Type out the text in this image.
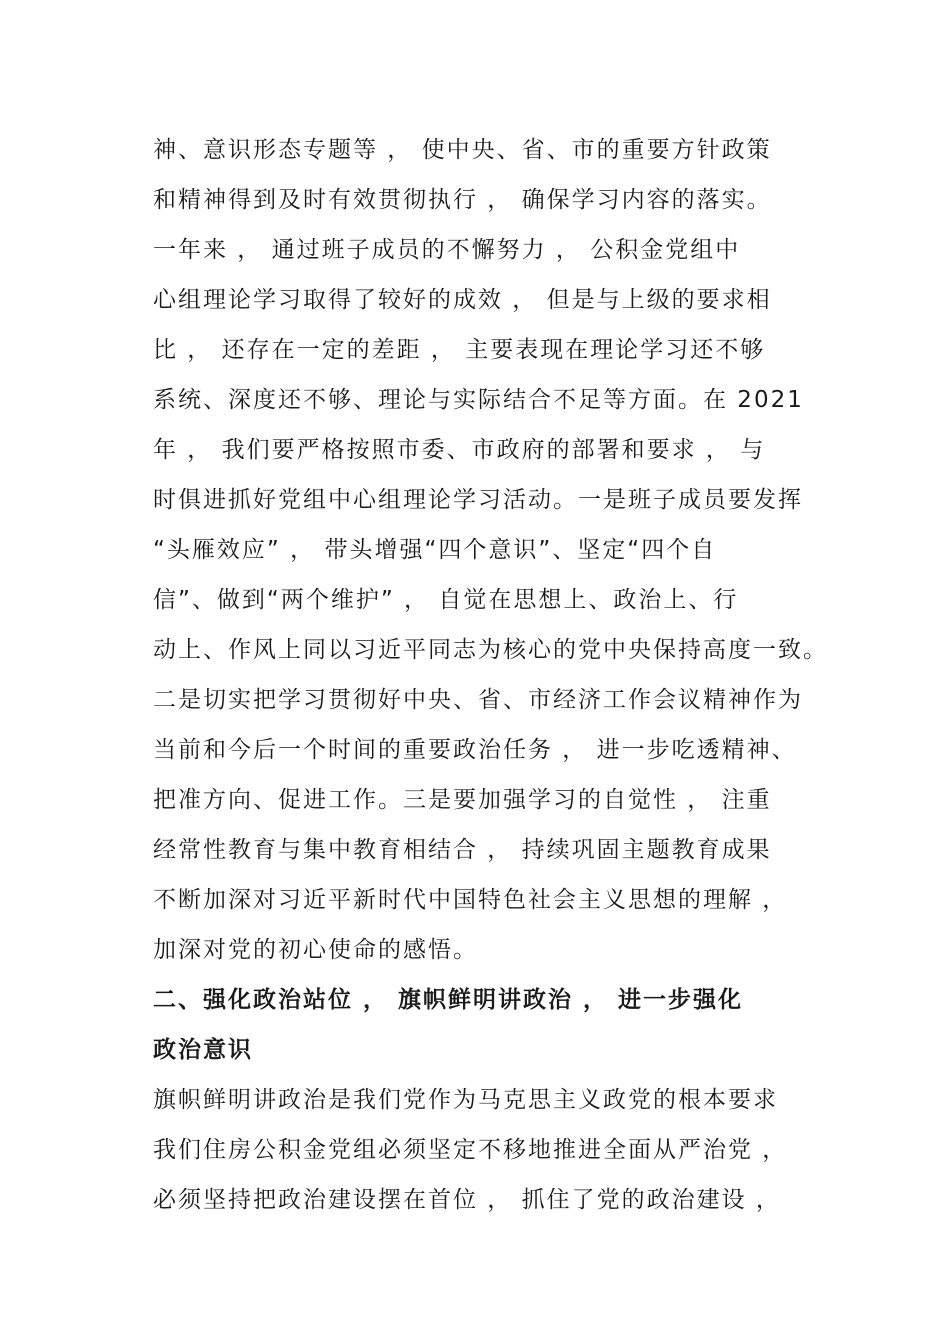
神、意识形态专题等 ， 使中央、省、市的重要方针政策
和精神得到及时有效贯彻执行 ， 确保学习内容的落实。
一年来 ， 通过班子成员的不懈努力 ， 公积金党组中
心组理论学习取得了较好的成效 ， 但是与上级的要求相
比 ， 还存在一定的差距 ， 主要表现在理论学习还不够
系统、深度还不够、理论与实际结合不足等方面。在 2021
年 ， 我们要严格按照市委、市政府的部署和要求 ， 与
时俱进抓好党组中心组理论学习活动。一是班子成员要发挥
“头雁效应” ， 带头增强“四个意识”、坚定“四个自
信”、做到“两个维护” ， 自觉在思想上、政治上、行
动上、作风上同以习近平同志为核心的党中央保持高度一致。
二是切实把学习贯彻好中央、省、市经济工作会议精神作为
当前和今后一个时间的重要政治任务 ， 进一步吃透精神、
把准方向、促进工作。三是要加强学习的自觉性 ， 注重
经常性教育与集中教育相结合 ， 持续巩固主题教育成果
不断加深对习近平新时代中国特色社会主义思想的理解 ，
加深对党的初心使命的感悟。
二、强化政治站位 ， 旗帜鲜明讲政治 ， 进一步强化
政治意识
旗帜鲜明讲政治是我们党作为马克思主义政党的根本要求
我们住房公积金党组必须坚定不移地推进全面从严治党 ，
必须坚持把政治建设摆在首位 ， 抓住了党的政治建设 ，
